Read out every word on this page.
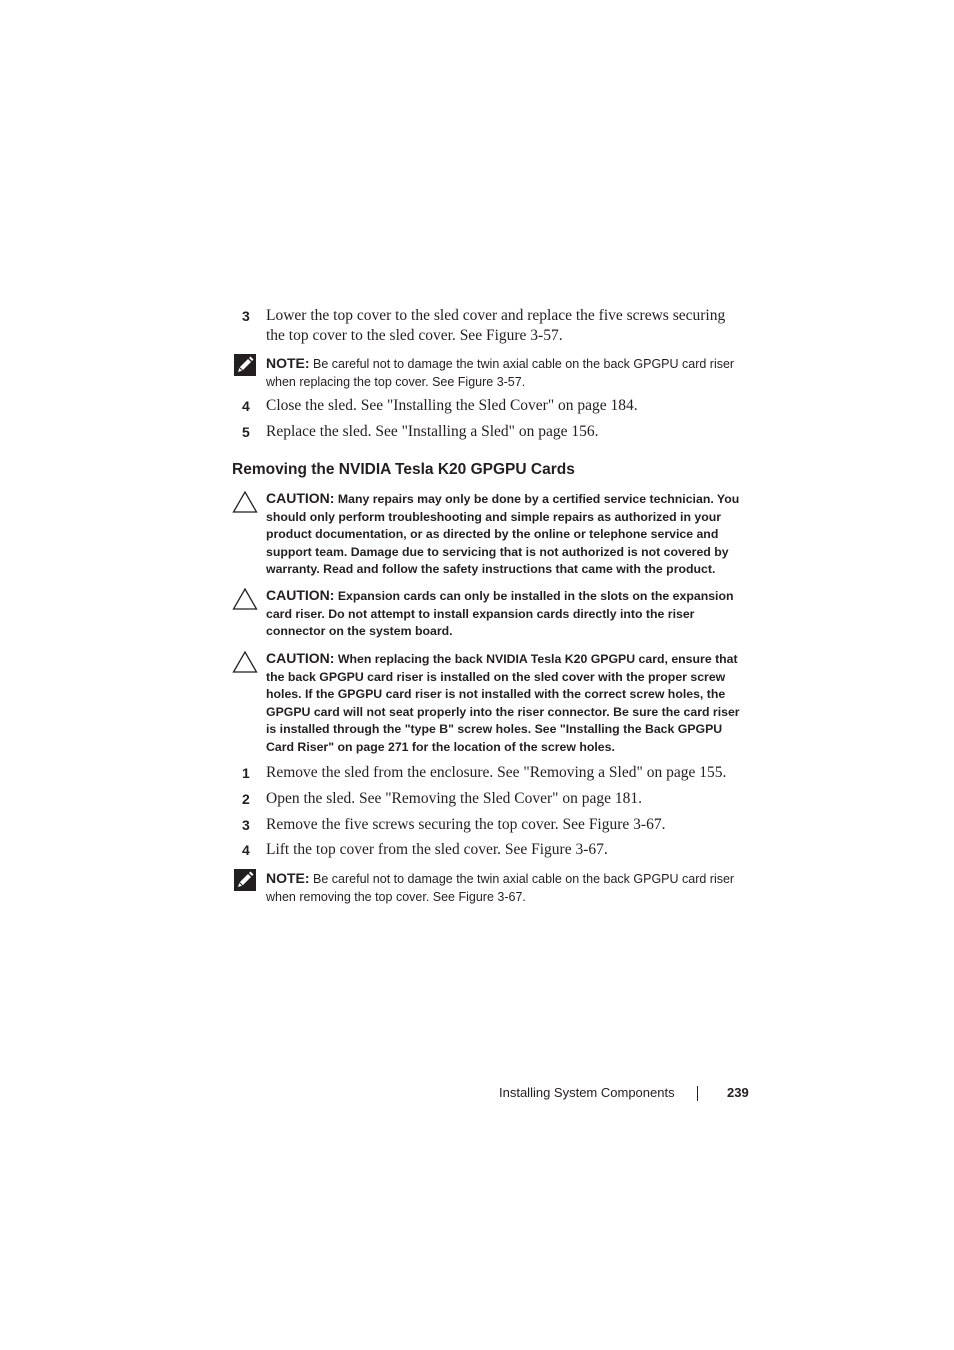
3 Lower the top cover to the sled cover and replace the five screws securing the top cover to the sled cover. See Figure 3-57.
NOTE: Be careful not to damage the twin axial cable on the back GPGPU card riser when replacing the top cover. See Figure 3-57.
4 Close the sled. See "Installing the Sled Cover" on page 184.
5 Replace the sled. See "Installing a Sled" on page 156.
Removing the NVIDIA Tesla K20 GPGPU Cards
CAUTION: Many repairs may only be done by a certified service technician. You should only perform troubleshooting and simple repairs as authorized in your product documentation, or as directed by the online or telephone service and support team. Damage due to servicing that is not authorized is not covered by warranty. Read and follow the safety instructions that came with the product.
CAUTION: Expansion cards can only be installed in the slots on the expansion card riser. Do not attempt to install expansion cards directly into the riser connector on the system board.
CAUTION: When replacing the back NVIDIA Tesla K20 GPGPU card, ensure that the back GPGPU card riser is installed on the sled cover with the proper screw holes. If the GPGPU card riser is not installed with the correct screw holes, the GPGPU card will not seat properly into the riser connector. Be sure the card riser is installed through the "type B" screw holes. See "Installing the Back GPGPU Card Riser" on page 271 for the location of the screw holes.
1 Remove the sled from the enclosure. See "Removing a Sled" on page 155.
2 Open the sled. See "Removing the Sled Cover" on page 181.
3 Remove the five screws securing the top cover. See Figure 3-67.
4 Lift the top cover from the sled cover. See Figure 3-67.
NOTE: Be careful not to damage the twin axial cable on the back GPGPU card riser when removing the top cover. See Figure 3-67.
Installing System Components	239
